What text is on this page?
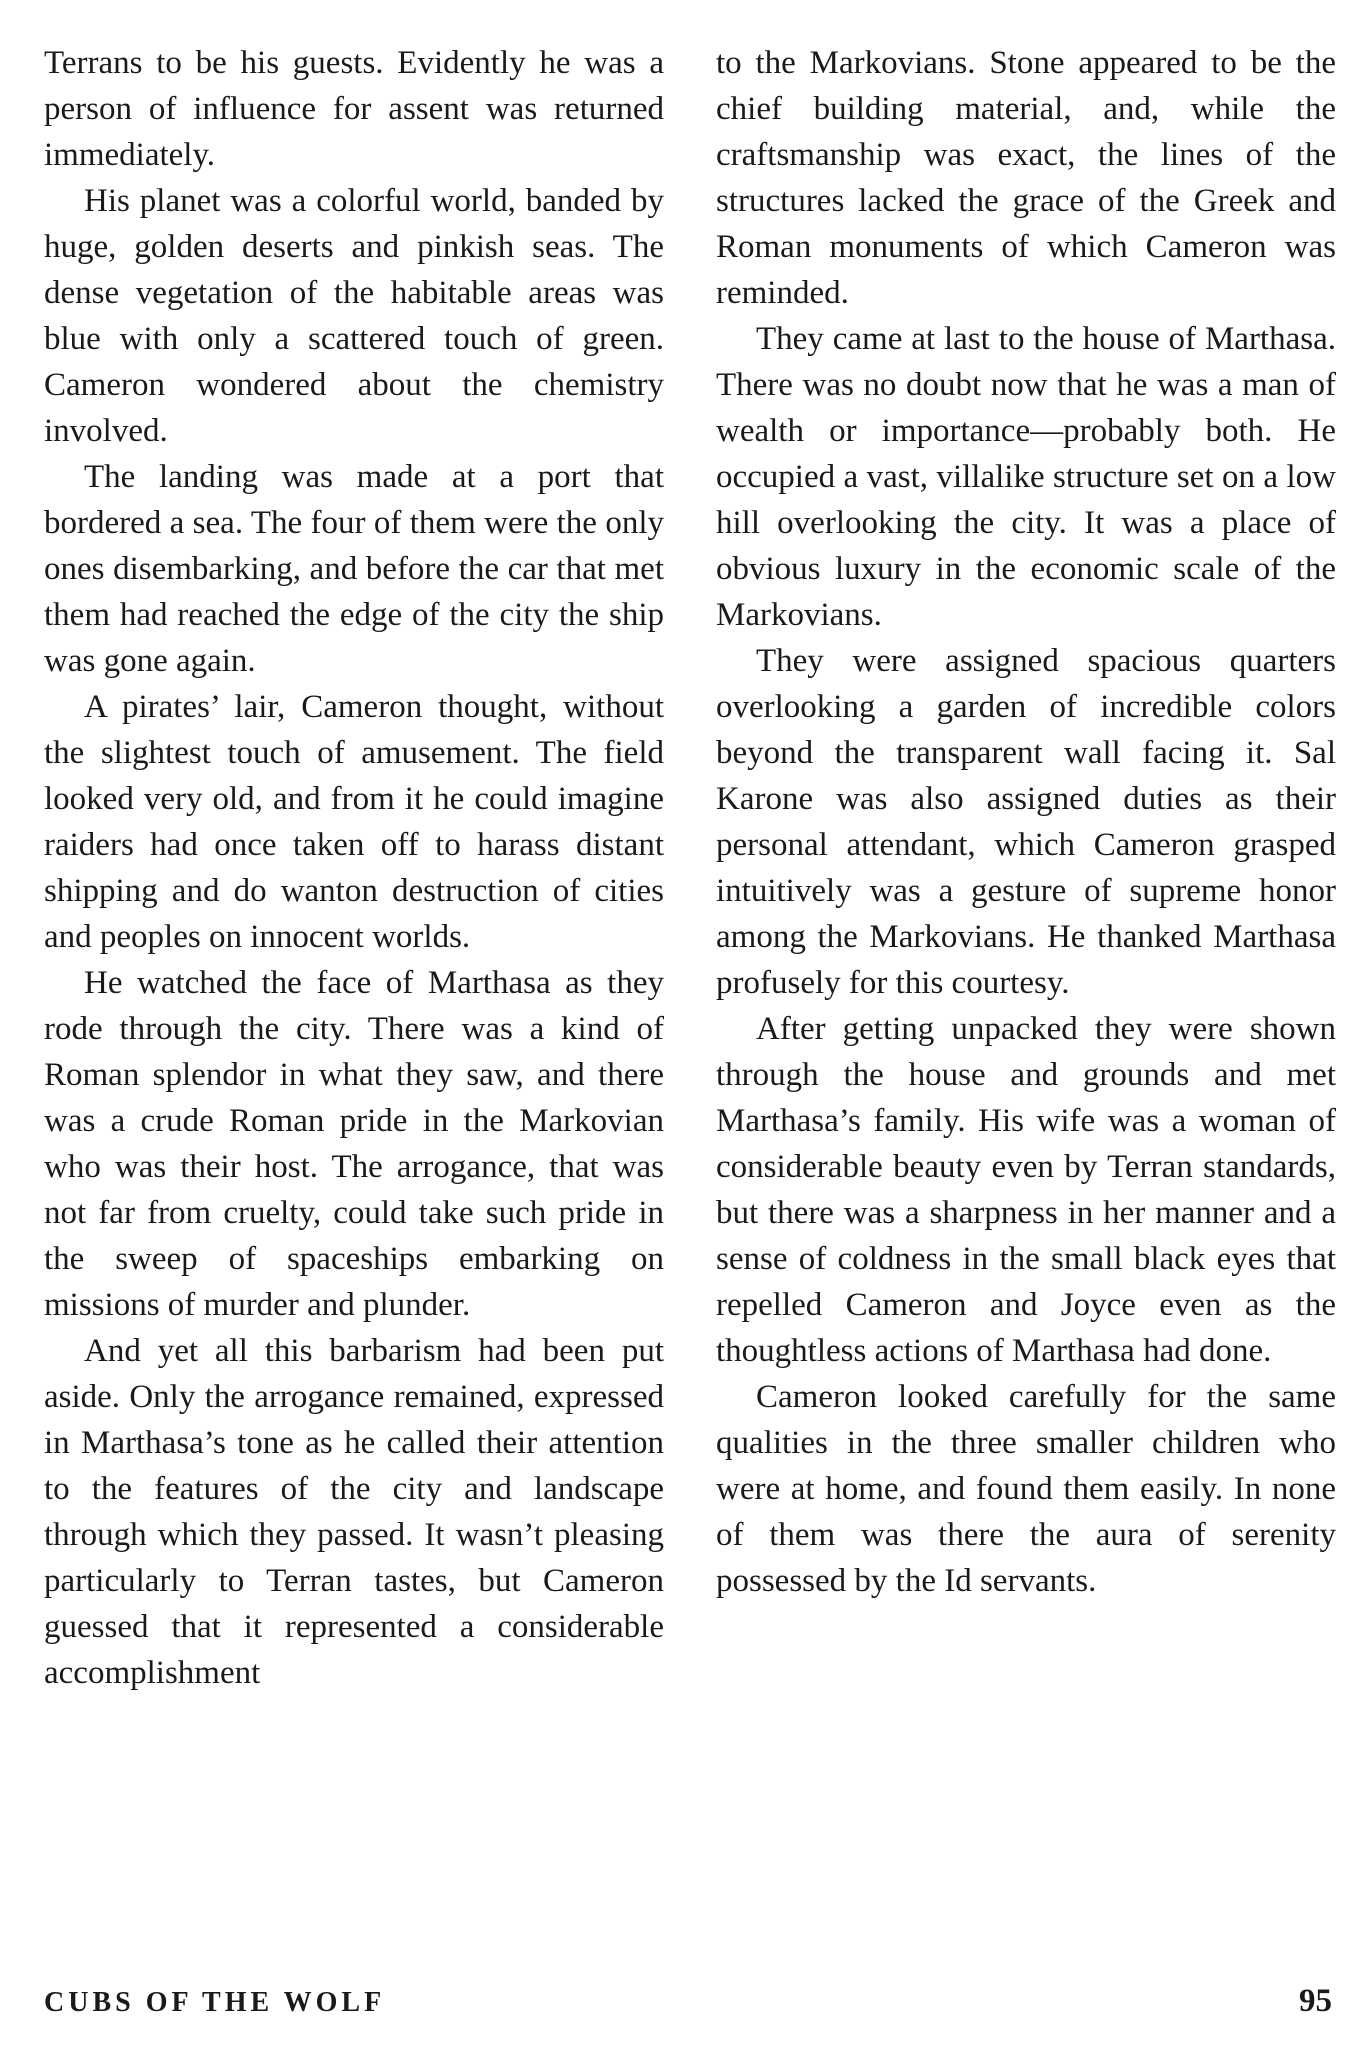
Terrans to be his guests. Evidently he was a person of influence for assent was returned immediately.

His planet was a colorful world, banded by huge, golden deserts and pinkish seas. The dense vegetation of the habitable areas was blue with only a scattered touch of green. Cameron wondered about the chemistry involved.

The landing was made at a port that bordered a sea. The four of them were the only ones disembarking, and before the car that met them had reached the edge of the city the ship was gone again.

A pirates’ lair, Cameron thought, without the slightest touch of amusement. The field looked very old, and from it he could imagine raiders had once taken off to harass distant shipping and do wanton destruction of cities and peoples on innocent worlds.

He watched the face of Marthasa as they rode through the city. There was a kind of Roman splendor in what they saw, and there was a crude Roman pride in the Markovian who was their host. The arrogance, that was not far from cruelty, could take such pride in the sweep of spaceships embarking on missions of murder and plunder.

And yet all this barbarism had been put aside. Only the arrogance remained, expressed in Marthasa’s tone as he called their attention to the features of the city and landscape through which they passed. It wasn’t pleasing particularly to Terran tastes, but Cameron guessed that it represented a considerable accomplishment

to the Markovians. Stone appeared to be the chief building material, and, while the craftsmanship was exact, the lines of the structures lacked the grace of the Greek and Roman monuments of which Cameron was reminded.

They came at last to the house of Marthasa. There was no doubt now that he was a man of wealth or importance—probably both. He occupied a vast, villalike structure set on a low hill overlooking the city. It was a place of obvious luxury in the economic scale of the Markovians.

They were assigned spacious quarters overlooking a garden of incredible colors beyond the transparent wall facing it. Sal Karone was also assigned duties as their personal attendant, which Cameron grasped intuitively was a gesture of supreme honor among the Markovians. He thanked Marthasa profusely for this courtesy.

After getting unpacked they were shown through the house and grounds and met Marthasa’s family. His wife was a woman of considerable beauty even by Terran standards, but there was a sharpness in her manner and a sense of coldness in the small black eyes that repelled Cameron and Joyce even as the thoughtless actions of Marthasa had done.

Cameron looked carefully for the same qualities in the three smaller children who were at home, and found them easily. In none of them was there the aura of serenity possessed by the Id servants.

CUBS OF THE WOLF	95
